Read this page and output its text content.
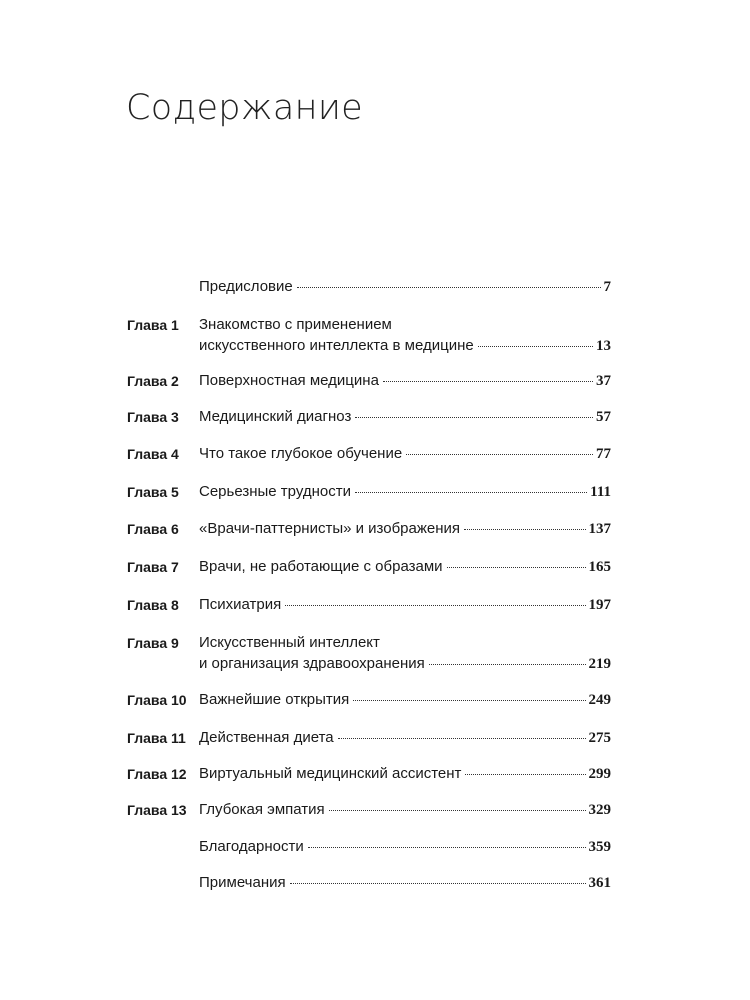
Содержание
Предисловие	7
Глава 1 Знакомство с применением
искусственного интеллекта в медицине	13
Глава 2 Поверхностная медицина	37
Глава 3 Медицинский диагноз	57
Глава 4 Что такое глубокое обучение	77
Глава 5 Серьезные трудности	111
Глава 6 «Врачи-паттернисты» и изображения	137
Глава 7 Врачи, не работающие с образами	165
Глава 8 Психиатрия	197
Глава 9 Искусственный интеллект
и организация здравоохранения	219
Глава 10 Важнейшие открытия	249
Глава 11 Действенная диета	275
Глава 12 Виртуальный медицинский ассистент	299
Глава 13 Глубокая эмпатия	329
Благодарности	359
Примечания	361
